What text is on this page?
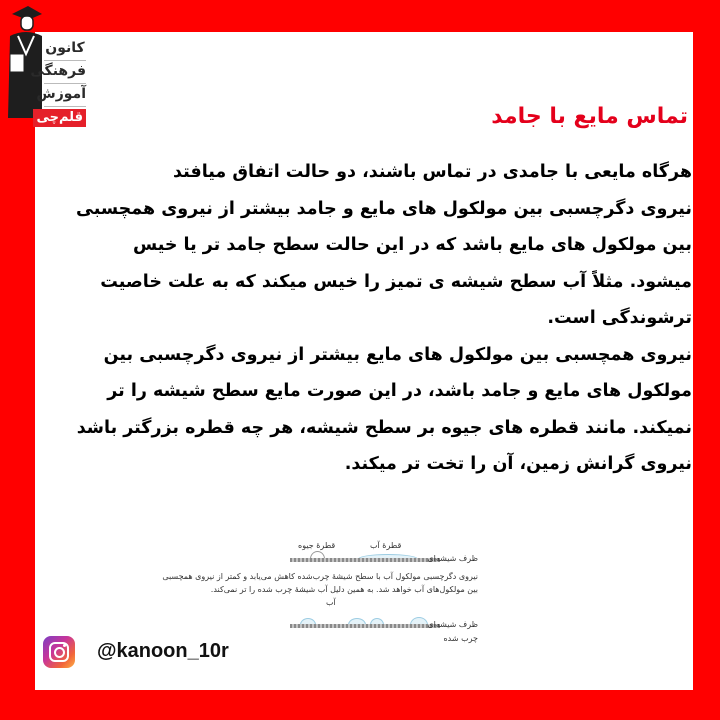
کانون
فرهنگی
آموزش
قلم‌چی	تماس مایع با جامد
هرگاه مایعی با جامدی در تماس باشند، دو حالت اتفاق میافتد
نیروی دگرچسبی بین مولکول های مایع و جامد بیشتر از نیروی همچسبی
بین مولکول های مایع باشد که در این حالت سطح جامد تر یا خیس
میشود. مثلاً آب سطح شیشه ی تمیز را خیس میکند که به علت خاصیت
ترشوندگی است.
نیروی همچسبی بین مولکول های مایع بیشتر از نیروی دگرچسبی بین
مولکول های مایع و جامد باشد، در این صورت مایع سطح شیشه را تر
نمیکند. مانند قطره های جیوه بر سطح شیشه، هر چه قطره بزرگتر باشد
نیروی گرانش زمین، آن را تخت تر میکند.
قطرهٔ جیوه	قطرهٔ آب
ظرف شیشه‌ای
نیروی دگرچسبی مولکول آب با سطح شیشهٔ چرب‌شده کاهش می‌یابد و کمتر از نیروی همچسبی
بین مولکول‌های آب خواهد شد. به همین دلیل آب شیشهٔ چرب شده را تر نمی‌کند.
آب
ظرف شیشه‌ای
چرب شده
@kanoon_10r
